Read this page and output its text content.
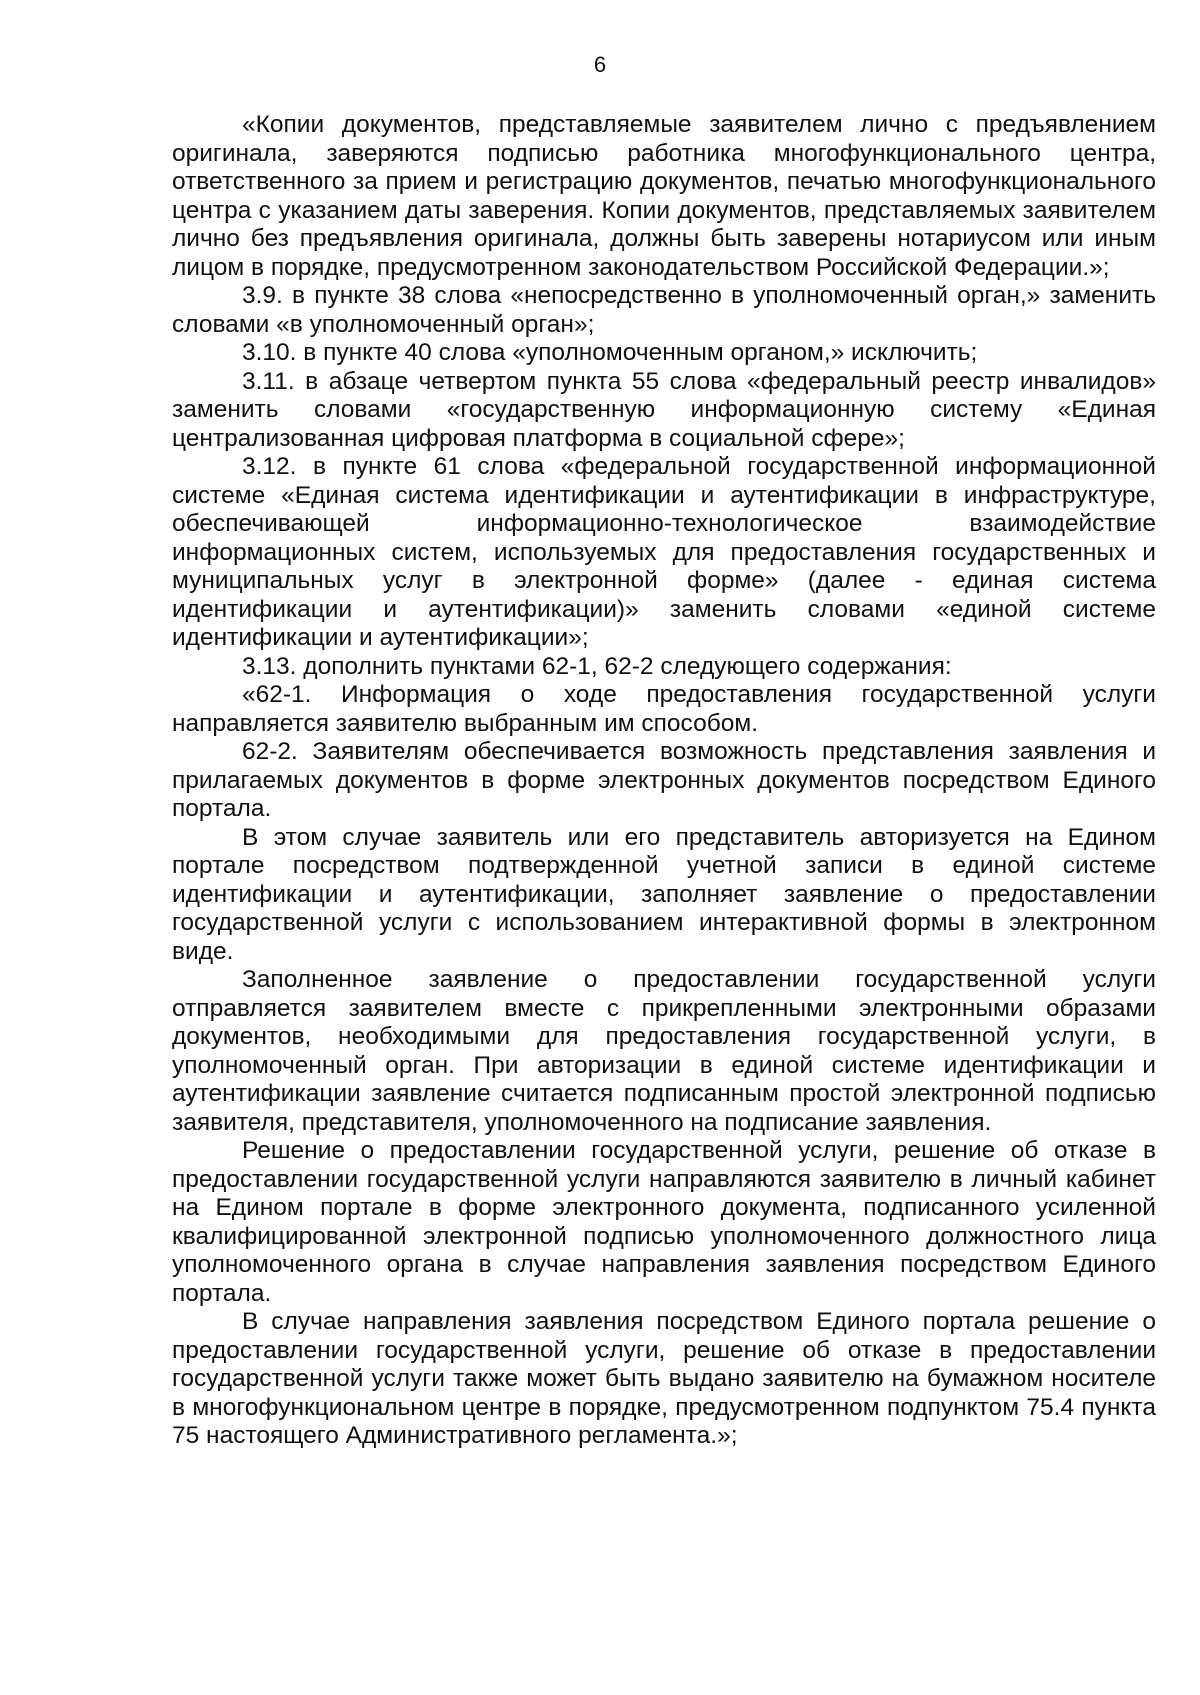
6

«Копии документов, представляемые заявителем лично с предъявлением оригинала, заверяются подписью работника многофункционального центра, ответственного за прием и регистрацию документов, печатью многофункционального центра с указанием даты заверения. Копии документов, представляемых заявителем лично без предъявления оригинала, должны быть заверены нотариусом или иным лицом в порядке, предусмотренном законодательством Российской Федерации.»;

3.9. в пункте 38 слова «непосредственно в уполномоченный орган,» заменить словами «в уполномоченный орган»;

3.10. в пункте 40 слова «уполномоченным органом,» исключить;

3.11. в абзаце четвертом пункта 55 слова «федеральный реестр инвалидов» заменить словами «государственную информационную систему «Единая централизованная цифровая платформа в социальной сфере»;

3.12. в пункте 61 слова «федеральной государственной информационной системе «Единая система идентификации и аутентификации в инфраструктуре, обеспечивающей информационно-технологическое взаимодействие информационных систем, используемых для предоставления государственных и муниципальных услуг в электронной форме» (далее - единая система идентификации и аутентификации)» заменить словами «единой системе идентификации и аутентификации»;

3.13. дополнить пунктами 62-1, 62-2 следующего содержания:

«62-1. Информация о ходе предоставления государственной услуги направляется заявителю выбранным им способом.

62-2. Заявителям обеспечивается возможность представления заявления и прилагаемых документов в форме электронных документов посредством Единого портала.

В этом случае заявитель или его представитель авторизуется на Едином портале посредством подтвержденной учетной записи в единой системе идентификации и аутентификации, заполняет заявление о предоставлении государственной услуги с использованием интерактивной формы в электронном виде.

Заполненное заявление о предоставлении государственной услуги отправляется заявителем вместе с прикрепленными электронными образами документов, необходимыми для предоставления государственной услуги, в уполномоченный орган. При авторизации в единой системе идентификации и аутентификации заявление считается подписанным простой электронной подписью заявителя, представителя, уполномоченного на подписание заявления.

Решение о предоставлении государственной услуги, решение об отказе в предоставлении государственной услуги направляются заявителю в личный кабинет на Едином портале в форме электронного документа, подписанного усиленной квалифицированной электронной подписью уполномоченного должностного лица уполномоченного органа в случае направления заявления посредством Единого портала.

В случае направления заявления посредством Единого портала решение о предоставлении государственной услуги, решение об отказе в предоставлении государственной услуги также может быть выдано заявителю на бумажном носителе в многофункциональном центре в порядке, предусмотренном подпунктом 75.4 пункта 75 настоящего Административного регламента.»;
